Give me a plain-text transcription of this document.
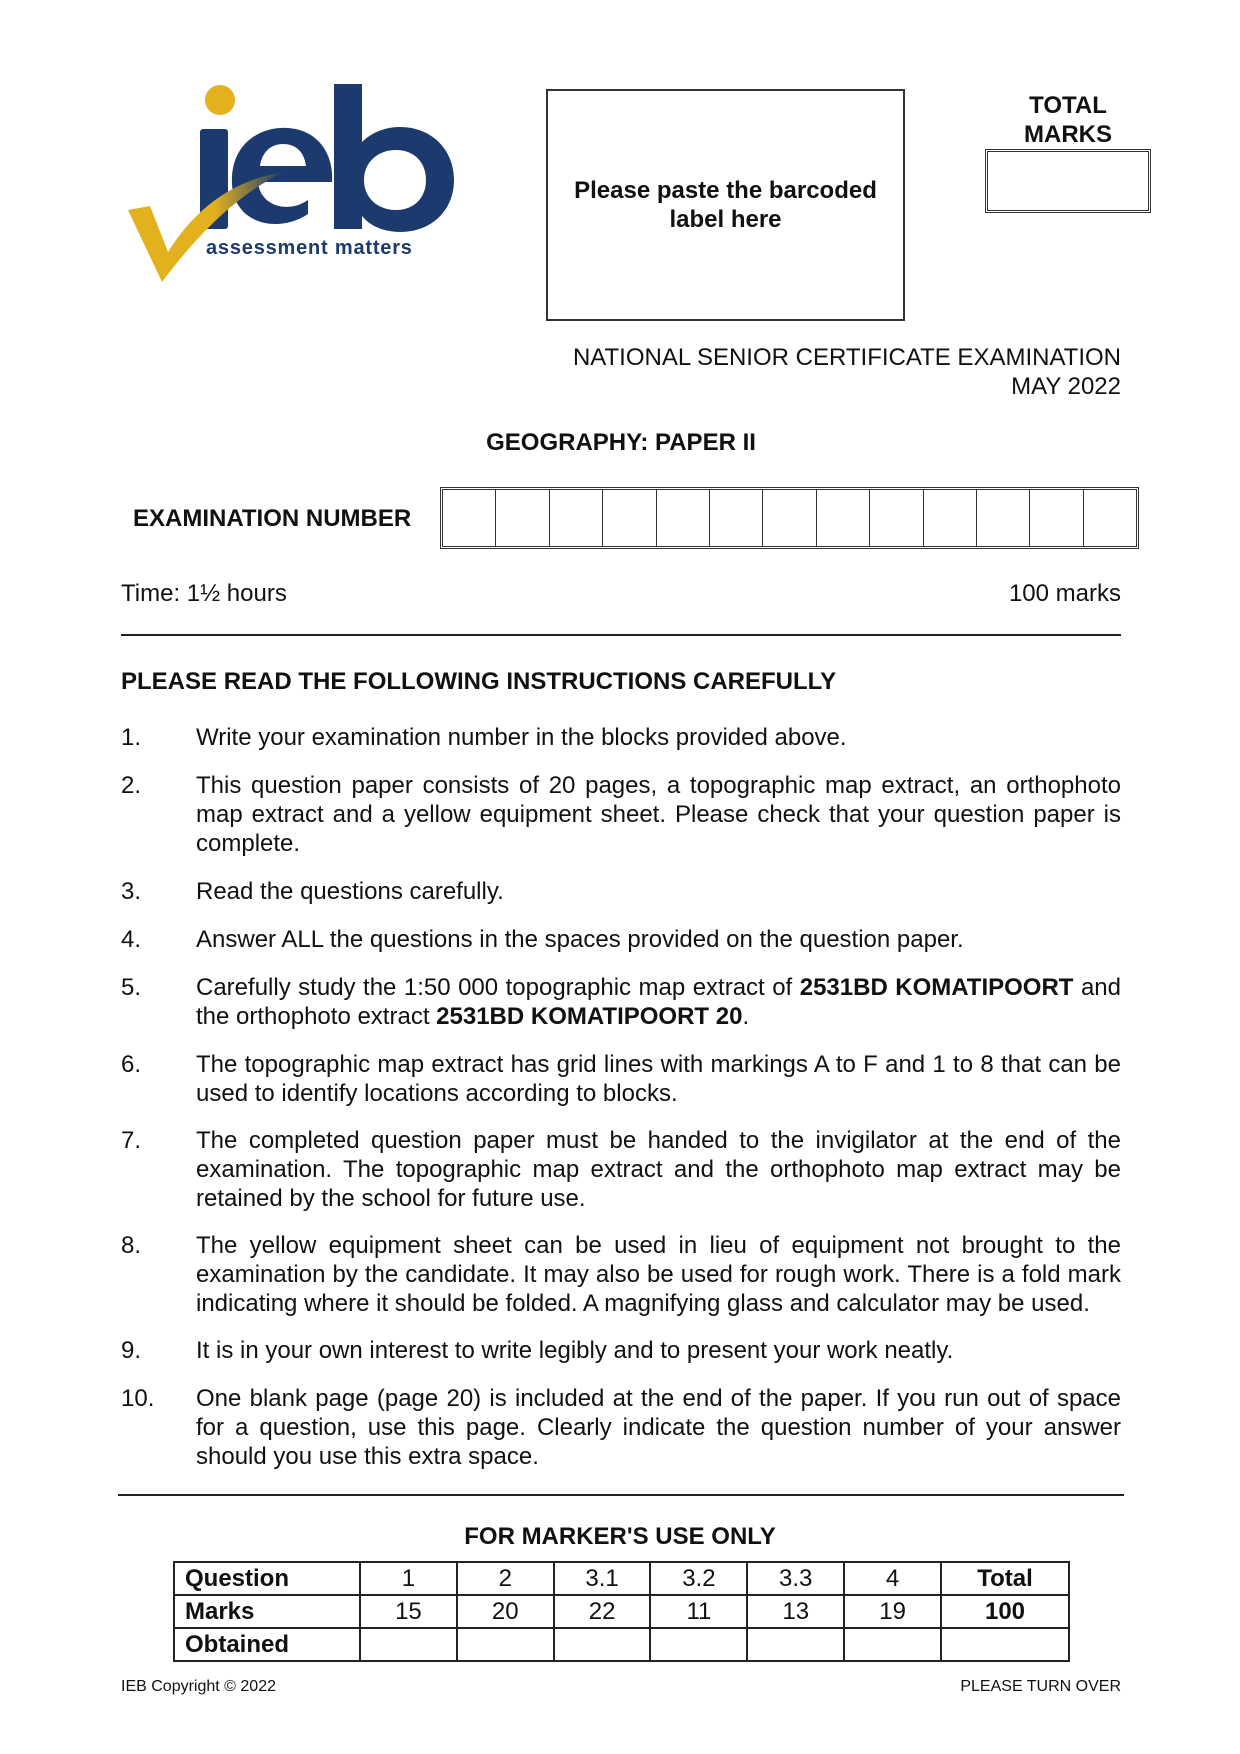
assessment matters
ieb
Please paste the barcoded label here
TOTAL MARKS
NATIONAL SENIOR CERTIFICATE EXAMINATION
MAY 2022
GEOGRAPHY: PAPER II
EXAMINATION NUMBER
Time: 1½ hours	100 marks
PLEASE READ THE FOLLOWING INSTRUCTIONS CAREFULLY
1.	Write your examination number in the blocks provided above.
2.	This question paper consists of 20 pages, a topographic map extract, an orthophoto map extract and a yellow equipment sheet. Please check that your question paper is complete.
3.	Read the questions carefully.
4.	Answer ALL the questions in the spaces provided on the question paper.
5.	Carefully study the 1:50 000 topographic map extract of 2531BD KOMATIPOORT and the orthophoto extract 2531BD KOMATIPOORT 20.
6.	The topographic map extract has grid lines with markings A to F and 1 to 8 that can be used to identify locations according to blocks.
7.	The completed question paper must be handed to the invigilator at the end of the examination. The topographic map extract and the orthophoto map extract may be retained by the school for future use.
8.	The yellow equipment sheet can be used in lieu of equipment not brought to the examination by the candidate. It may also be used for rough work. There is a fold mark indicating where it should be folded. A magnifying glass and calculator may be used.
9.	It is in your own interest to write legibly and to present your work neatly.
10.	One blank page (page 20) is included at the end of the paper. If you run out of space for a question, use this page. Clearly indicate the question number of your answer should you use this extra space.
FOR MARKER'S USE ONLY
Question	1	2	3.1	3.2	3.3	4	Total
Marks	15	20	22	11	13	19	100
Obtained							
IEB Copyright © 2022	PLEASE TURN OVER
